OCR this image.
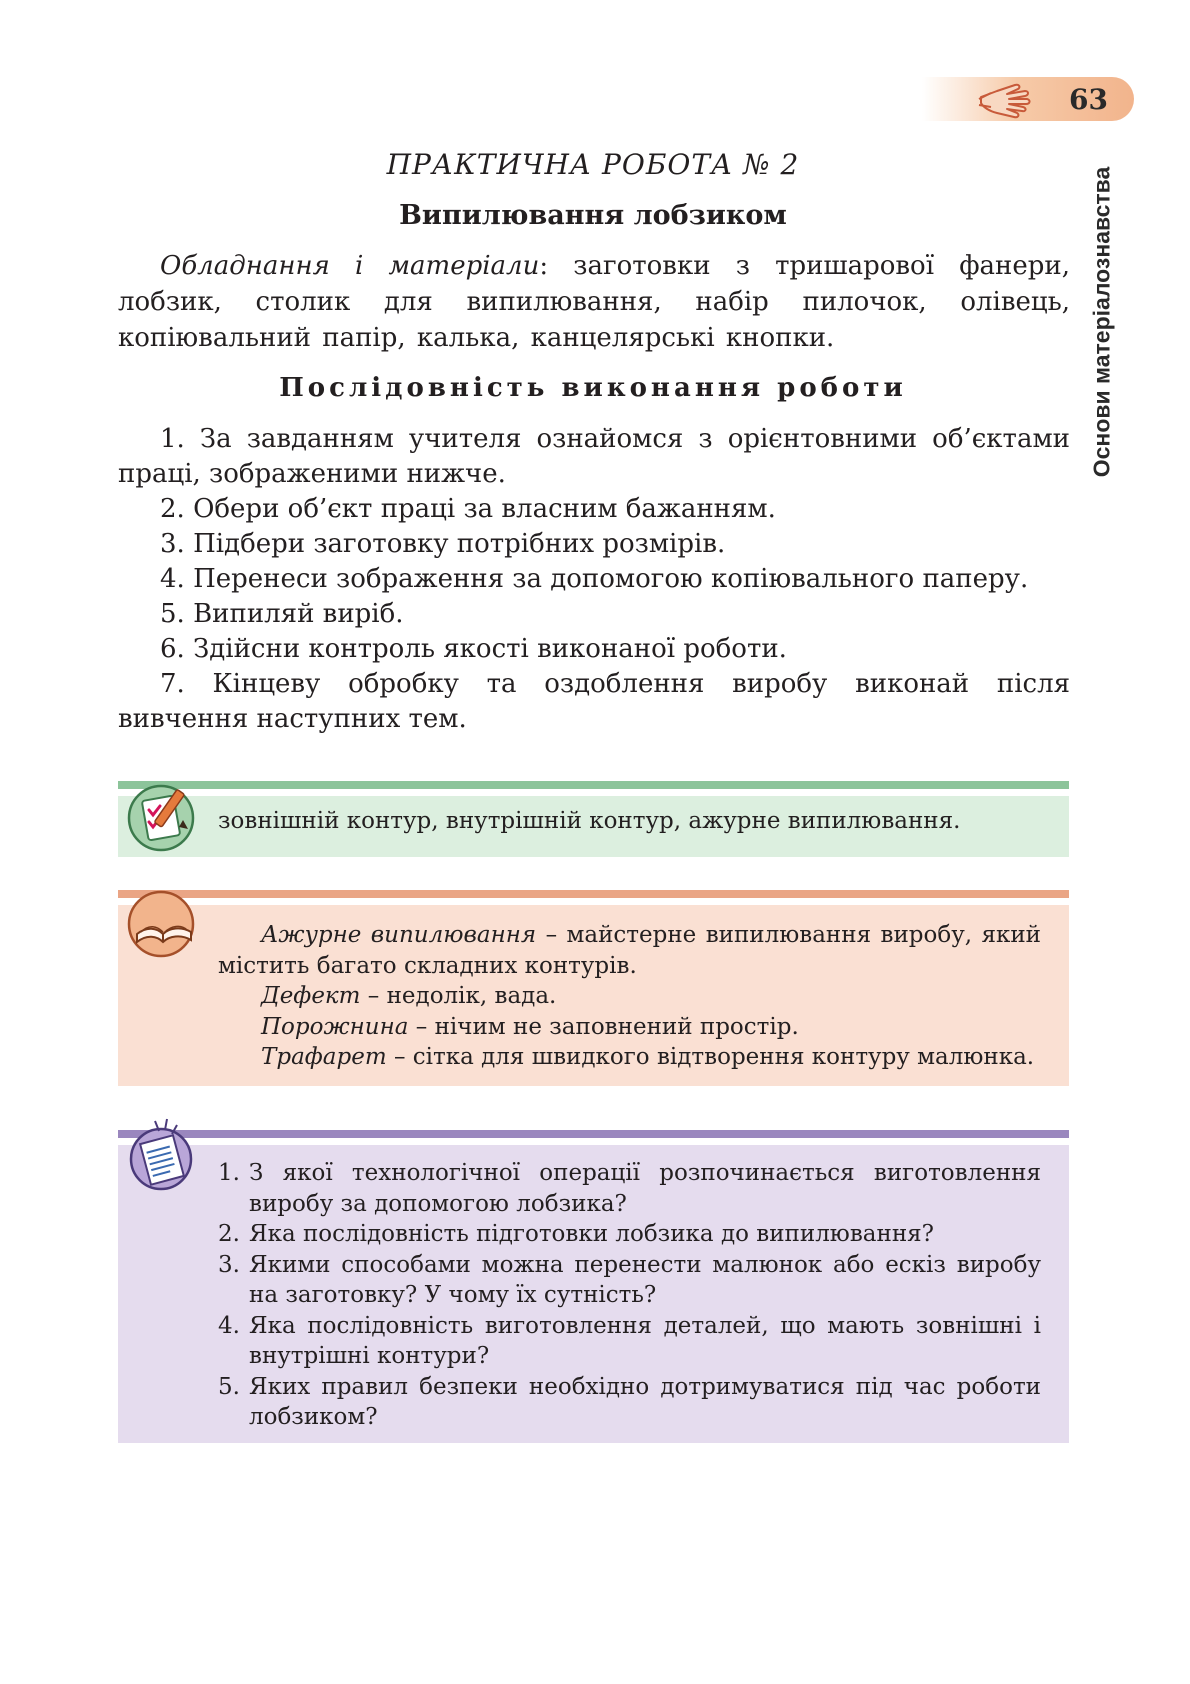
63
Основи матеріалознавства
ПРАКТИЧНА РОБОТА № 2
Випилювання лобзиком
Обладнання і матеріали: заготовки з тришарової фанери, лобзик, столик для випилювання, набір пилочок, олівець, копіювальний папір, калька, канцелярські кнопки.
Послідовність виконання роботи

1. За завданням учителя ознайомся з орієнтовними об’єктами праці, зображеними нижче.

2. Обери об’єкт праці за власним бажанням.

3. Підбери заготовку потрібних розмірів.

4. Перенеси зображення за допомогою копіювального паперу.

5. Випиляй виріб.

6. Здійсни контроль якості виконаної роботи.

7. Кінцеву обробку та оздоблення виробу виконай після вивчення наступних тем.

зовнішній контур, внутрішній контур, ажурне випилювання.

Ажурне випилювання – майстерне випилювання виробу, який містить багато складних контурів.

Дефект – недолік, вада.

Порожнина – нічим не заповнений простір.

Трафарет – сітка для швидкого відтворення контуру малюнка.

1. З якої технологічної операції розпочинається виготовлення виробу за допомогою лобзика?
2. Яка послідовність підготовки лобзика до випилювання?
3. Якими способами можна перенести малюнок або ескіз виробу на заготовку? У чому їх сутність?
4. Яка послідовність виготовлення деталей, що мають зовнішні і внутрішні контури?
5. Яких правил безпеки необхідно дотримуватися під час роботи лобзиком?
